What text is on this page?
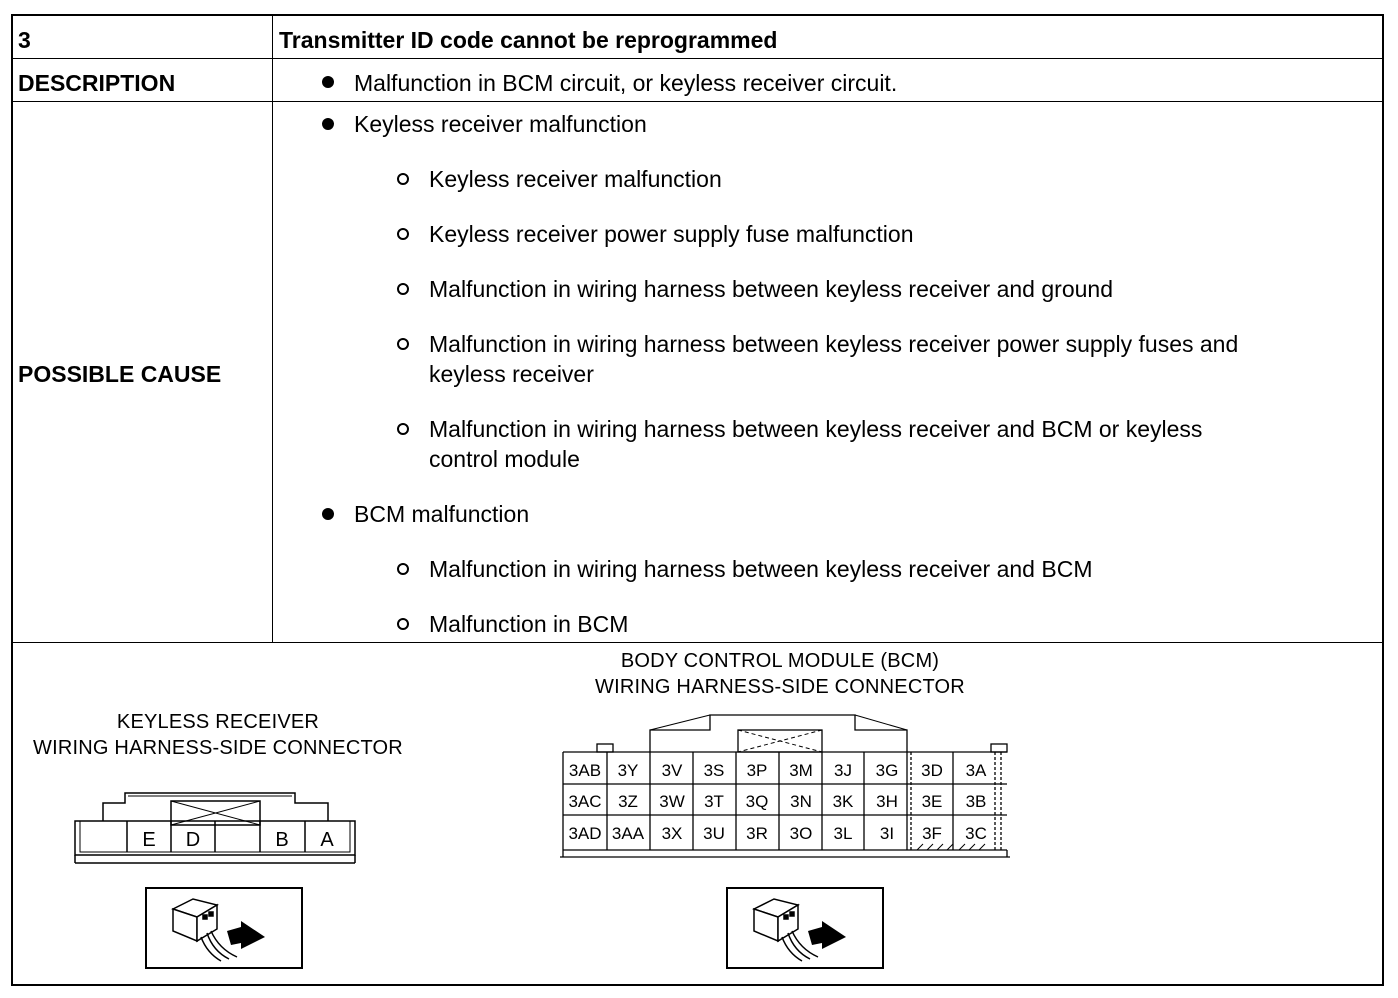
3	Transmitter ID code cannot be reprogrammed
DESCRIPTION	Malfunction in BCM circuit, or keyless receiver circuit.
POSSIBLE CAUSE
Keyless receiver malfunction
Keyless receiver malfunction
Keyless receiver power supply fuse malfunction
Malfunction in wiring harness between keyless receiver and ground
Malfunction in wiring harness between keyless receiver power supply fuses and
keyless receiver
Malfunction in wiring harness between keyless receiver and BCM or keyless
control module
BCM malfunction
Malfunction in wiring harness between keyless receiver and BCM
Malfunction in BCM
KEYLESS RECEIVER
WIRING HARNESS-SIDE CONNECTOR
E D	B A
BODY CONTROL MODULE (BCM)
WIRING HARNESS-SIDE CONNECTOR
3AB 3Y 3V 3S 3P 3M 3J 3G 3D 3A
3AC 3Z 3W 3T 3Q 3N 3K 3H 3E 3B
3AD 3AA 3X 3U 3R 3O 3L 3I 3F 3C
